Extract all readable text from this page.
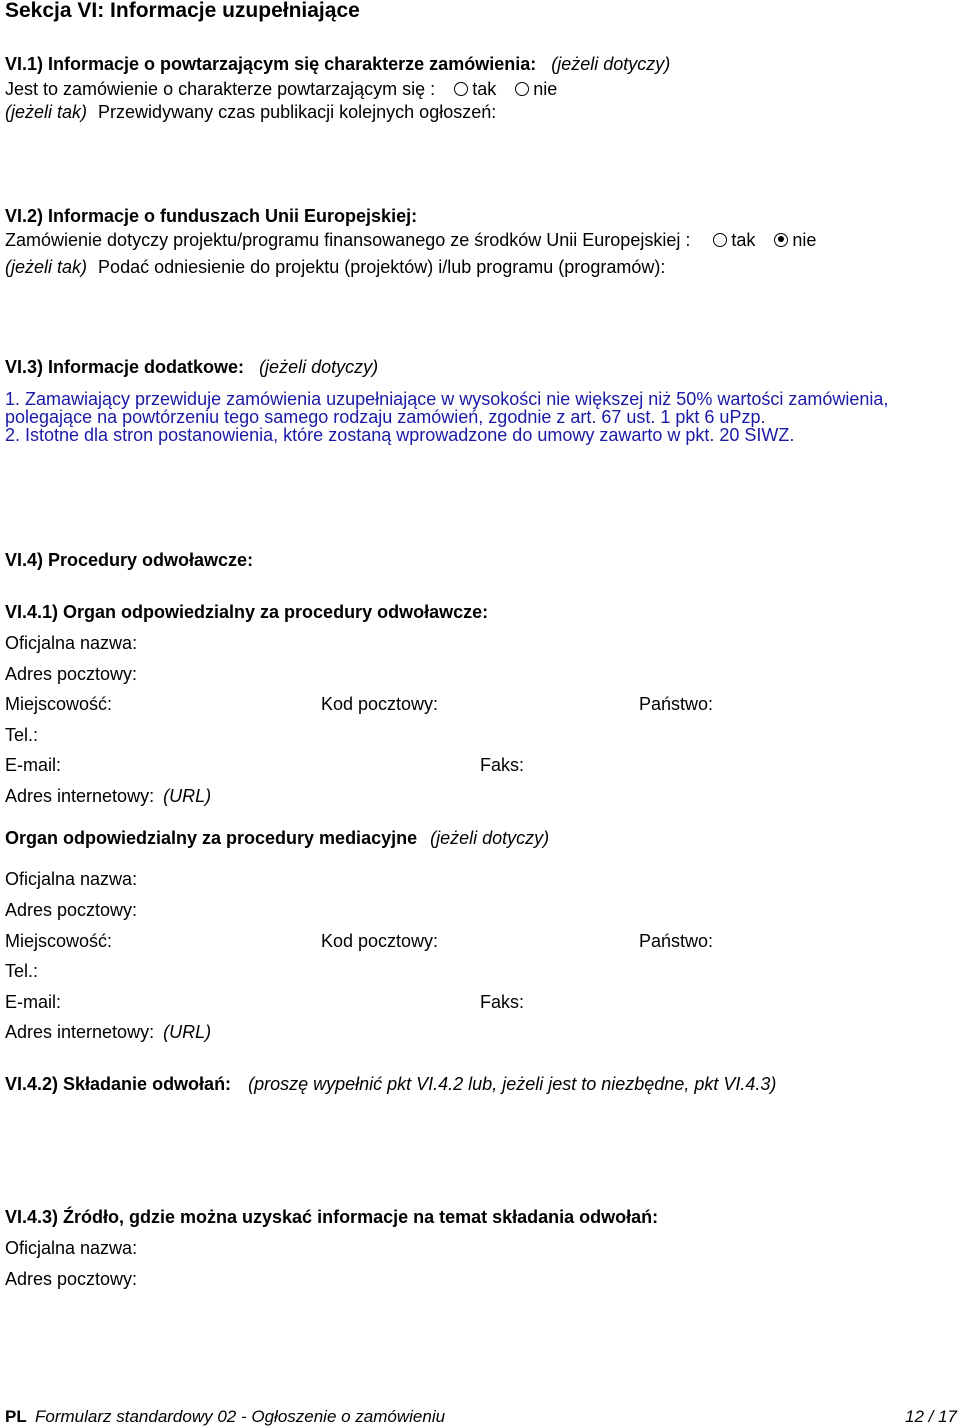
Sekcja VI: Informacje uzupełniające
VI.1) Informacje o powtarzającym się charakterze zamówienia: (jeżeli dotyczy)
Jest to zamówienie o charakterze powtarzającym się : tak nie
(jeżeli tak) Przewidywany czas publikacji kolejnych ogłoszeń:
VI.2) Informacje o funduszach Unii Europejskiej:
Zamówienie dotyczy projektu/programu finansowanego ze środków Unii Europejskiej : tak nie
(jeżeli tak) Podać odniesienie do projektu (projektów) i/lub programu (programów):
VI.3) Informacje dodatkowe: (jeżeli dotyczy)
1. Zamawiający przewiduje zamówienia uzupełniające w wysokości nie większej niż 50% wartości zamówienia,
polegające na powtórzeniu tego samego rodzaju zamówień, zgodnie z art. 67 ust. 1 pkt 6 uPzp.
2. Istotne dla stron postanowienia, które zostaną wprowadzone do umowy zawarto w pkt. 20 SIWZ.
VI.4) Procedury odwoławcze:
VI.4.1) Organ odpowiedzialny za procedury odwoławcze:
Oficjalna nazwa:
Adres pocztowy:
Miejscowość:	Kod pocztowy:	Państwo:
Tel.:
E-mail:	Faks:
Adres internetowy: (URL)
Organ odpowiedzialny za procedury mediacyjne (jeżeli dotyczy)
Oficjalna nazwa:
Adres pocztowy:
Miejscowość:	Kod pocztowy:	Państwo:
Tel.:
E-mail:	Faks:
Adres internetowy: (URL)
VI.4.2) Składanie odwołań: (proszę wypełnić pkt VI.4.2 lub, jeżeli jest to niezbędne, pkt VI.4.3)
VI.4.3) Źródło, gdzie można uzyskać informacje na temat składania odwołań:
Oficjalna nazwa:
Adres pocztowy:
PL Formularz standardowy 02 - Ogłoszenie o zamówieniu	12 / 17
